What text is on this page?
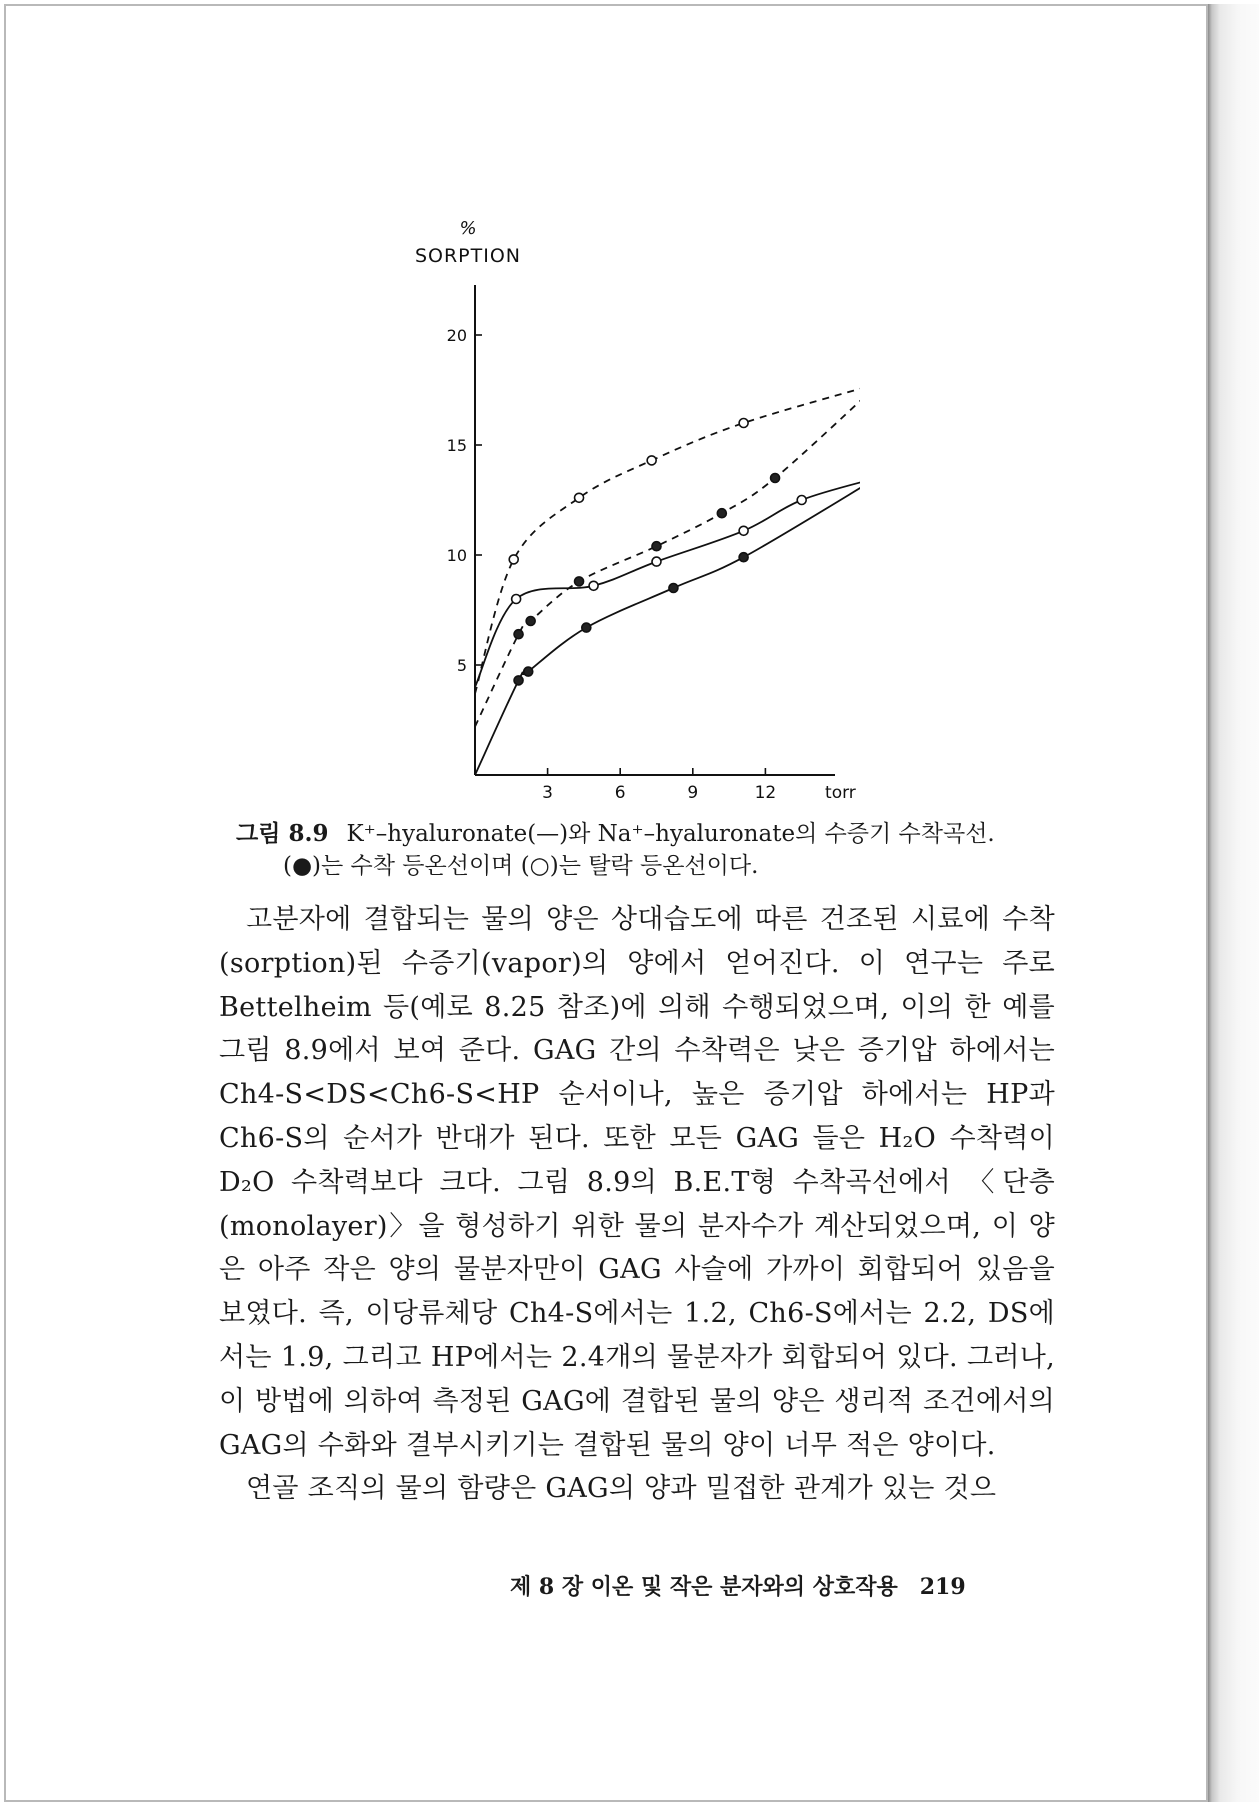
%
SORPTION
5
10
15
20
3	6	9	12	torr
그림 8.9 K⁺–hyaluronate(—)와 Na⁺–hyaluronate의 수증기 수착곡선.
(●)는 수착 등온선이며 (○)는 탈락 등온선이다.

고분자에 결합되는 물의 양은 상대습도에 따른 건조된 시료에 수착(sorption)된 수증기(vapor)의 양에서 얻어진다. 이 연구는 주로 Bettelheim 등(예로 8.25 참조)에 의해 수행되었으며, 이의 한 예를 그림 8.9에서 보여 준다. GAG 간의 수착력은 낮은 증기압 하에서는 Ch4-S<DS<Ch6-S<HP 순서이나, 높은 증기압 하에서는 HP과 Ch6-S의 순서가 반대가 된다. 또한 모든 GAG 들은 H₂O 수착력이 D₂O 수착력보다 크다. 그림 8.9의 B.E.T형 수착곡선에서 〈단층(monolayer)〉을 형성하기 위한 물의 분자수가 계산되었으며, 이 양은 아주 작은 양의 물분자만이 GAG 사슬에 가까이 회합되어 있음을 보였다. 즉, 이당류체당 Ch4-S에서는 1.2, Ch6-S에서는 2.2, DS에서는 1.9, 그리고 HP에서는 2.4개의 물분자가 회합되어 있다. 그러나, 이 방법에 의하여 측정된 GAG에 결합된 물의 양은 생리적 조건에서의 GAG의 수화와 결부시키기는 결합된 물의 양이 너무 적은 양이다.

연골 조직의 물의 함량은 GAG의 양과 밀접한 관계가 있는 것으

제 8 장 이온 및 작은 분자와의 상호작용 219
